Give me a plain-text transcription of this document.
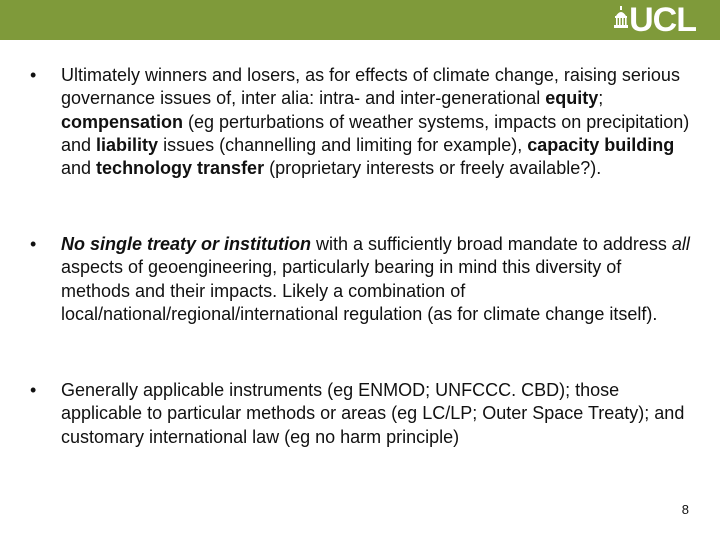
UCL
• Ultimately winners and losers, as for effects of climate change, raising serious governance issues of, inter alia: intra- and inter-generational equity; compensation (eg perturbations of weather systems, impacts on precipitation) and liability issues (channelling and limiting for example), capacity building and technology transfer (proprietary interests or freely available?).
• No single treaty or institution with a sufficiently broad mandate to address all aspects of geoengineering, particularly bearing in mind this diversity of methods and their impacts. Likely a combination of local/national/regional/international regulation (as for climate change itself).
• Generally applicable instruments (eg ENMOD; UNFCCC. CBD); those applicable to particular methods or areas (eg LC/LP; Outer Space Treaty); and customary international law (eg no harm principle)
8
